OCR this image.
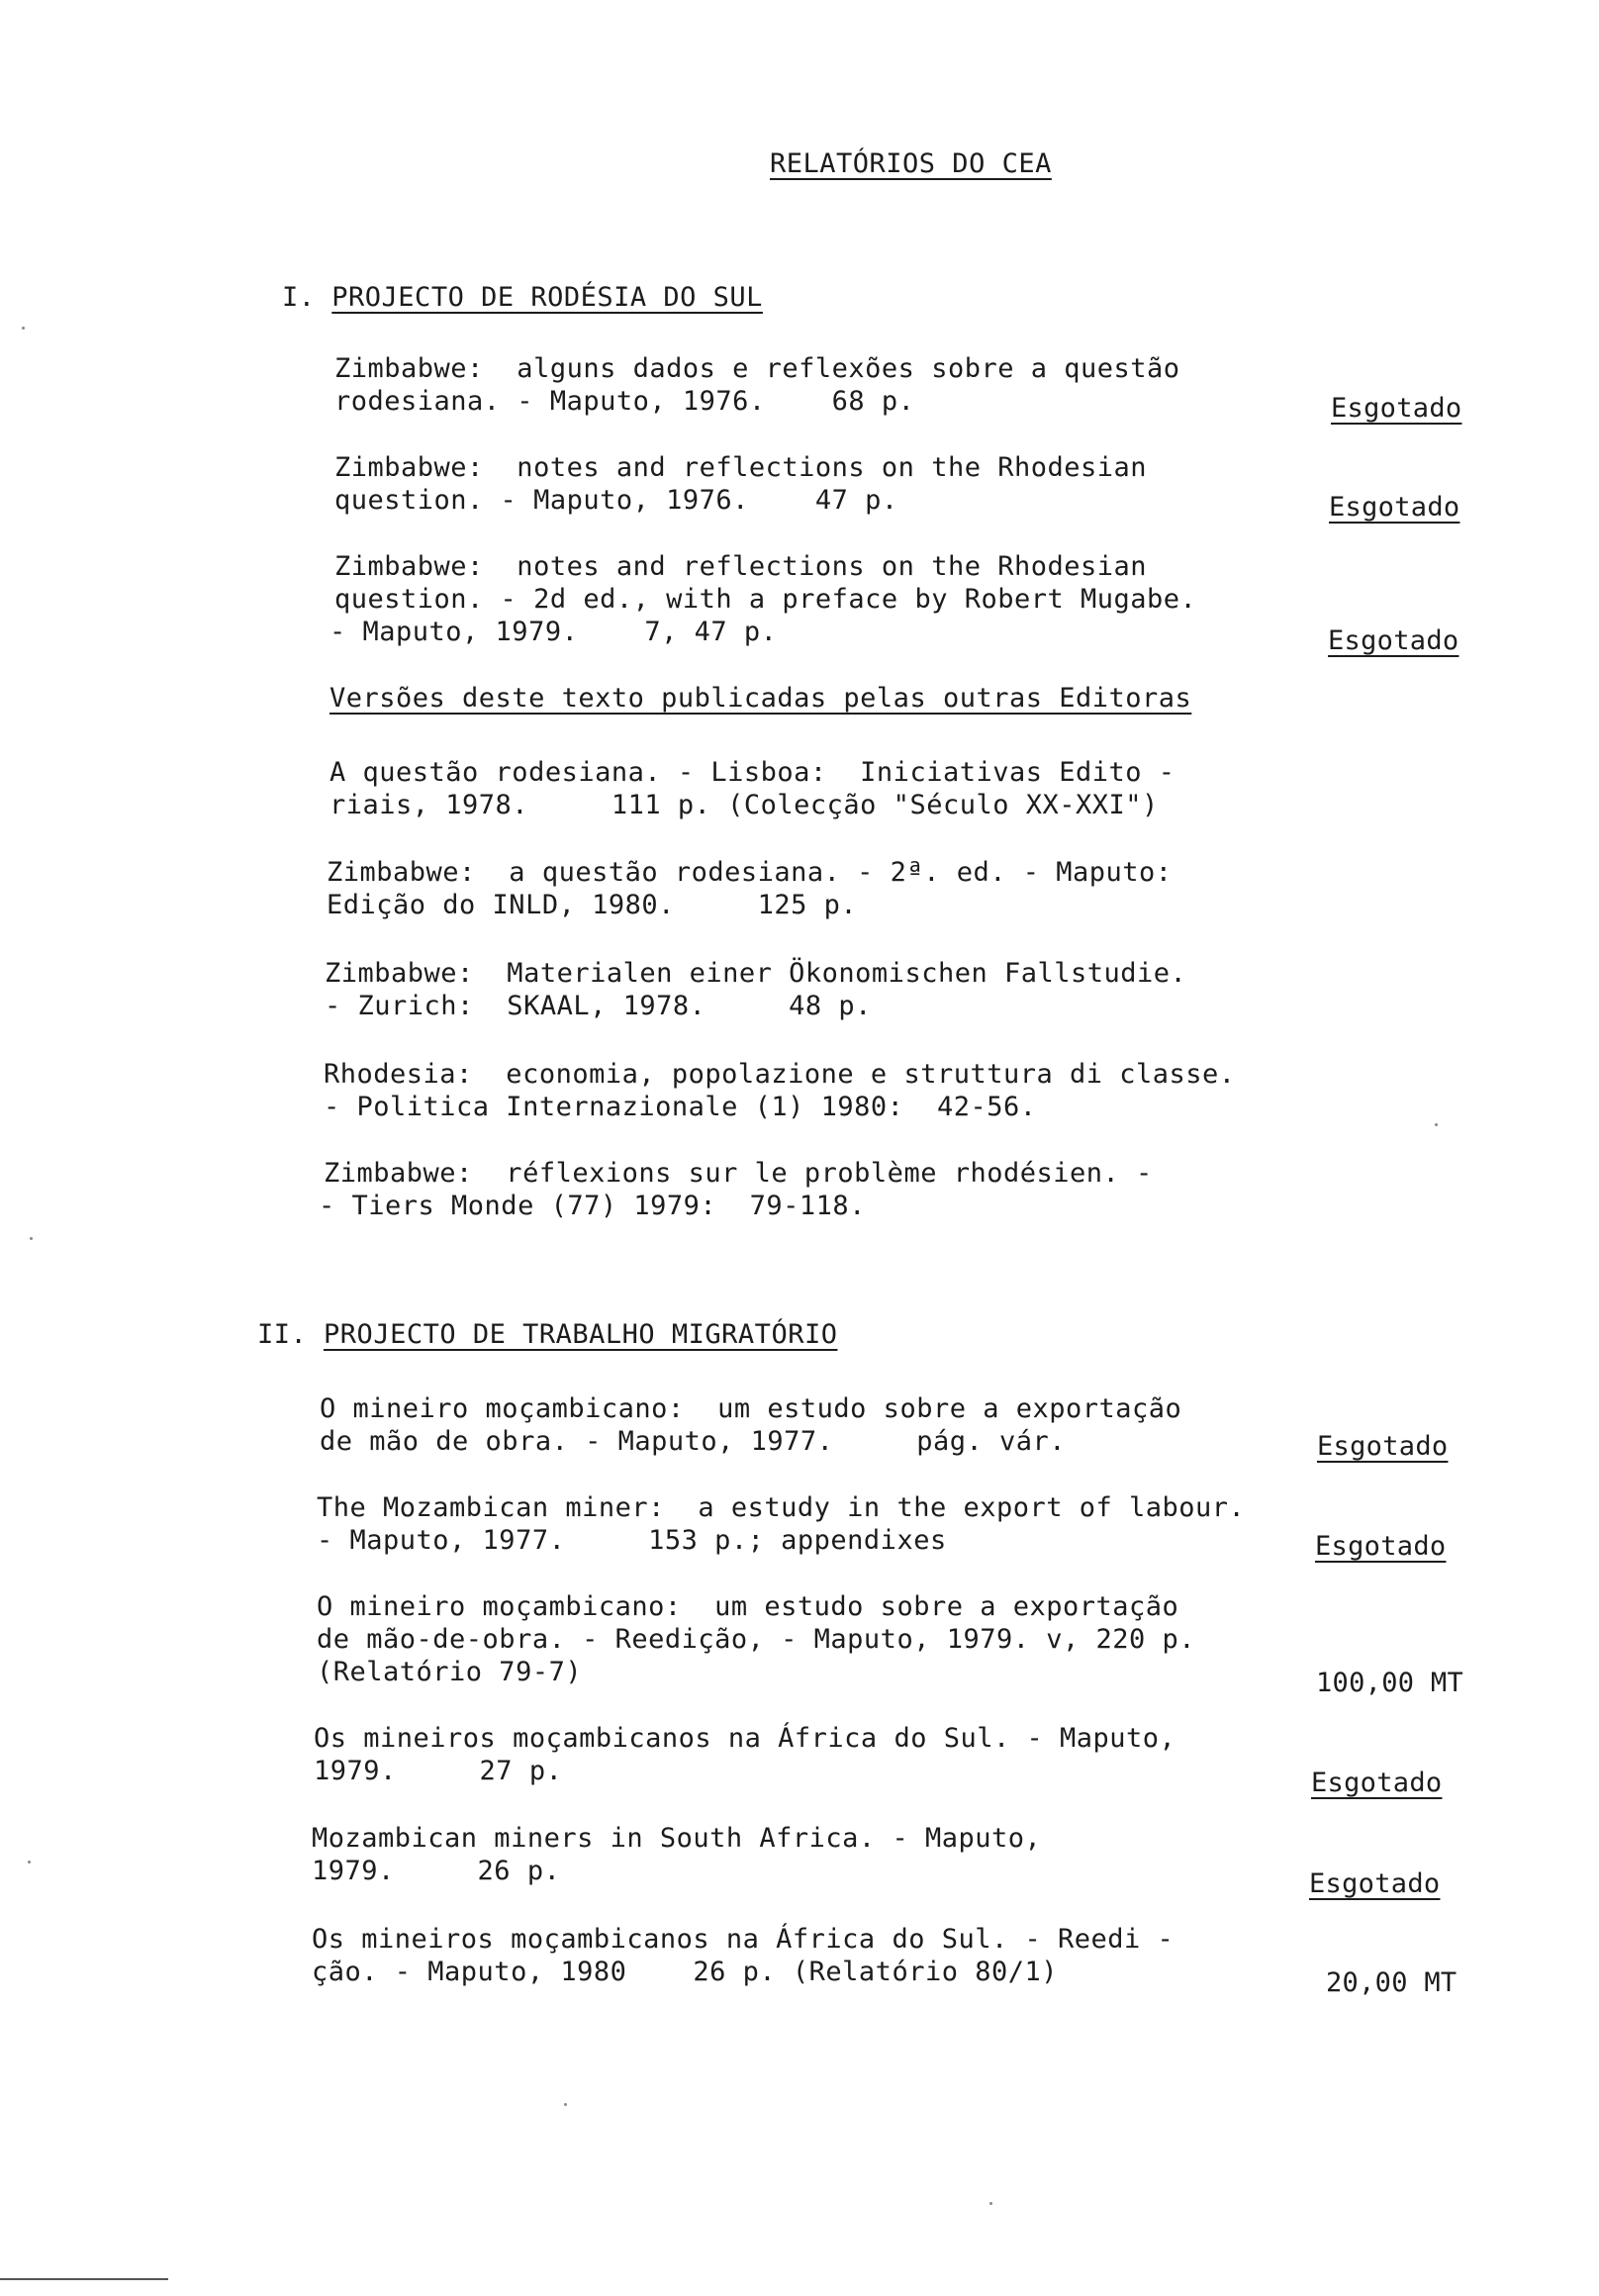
RELATÓRIOS DO CEA
I. PROJECTO DE RODÉSIA DO SUL
Zimbabwe:  alguns dados e reflexões sobre a questão
rodesiana. - Maputo, 1976.    68 p.	Esgotado
Zimbabwe:  notes and reflections on the Rhodesian
question. - Maputo, 1976.    47 p.	Esgotado
Zimbabwe:  notes and reflections on the Rhodesian
question. - 2d ed., with a preface by Robert Mugabe.
- Maputo, 1979.    7, 47 p.	Esgotado
Versões deste texto publicadas pelas outras Editoras
A questão rodesiana. - Lisboa:  Iniciativas Edito -
riais, 1978.     111 p. (Colecção "Século XX-XXI")
Zimbabwe:  a questão rodesiana. - 2ª. ed. - Maputo:
Edição do INLD, 1980.     125 p.
Zimbabwe:  Materialen einer Ökonomischen Fallstudie.
- Zurich:  SKAAL, 1978.     48 p.
Rhodesia:  economia, popolazione e struttura di classe.
- Politica Internazionale (1) 1980:  42-56.
Zimbabwe:  réflexions sur le problème rhodésien. -
- Tiers Monde (77) 1979:  79-118.
II. PROJECTO DE TRABALHO MIGRATÓRIO
O mineiro moçambicano:  um estudo sobre a exportação
de mão de obra. - Maputo, 1977.     pág. vár.	Esgotado
The Mozambican miner:  a estudy in the export of labour.
- Maputo, 1977.     153 p.; appendixes	Esgotado
O mineiro moçambicano:  um estudo sobre a exportação
de mão-de-obra. - Reedição, - Maputo, 1979. v, 220 p.
(Relatório 79-7)	100,00 MT
Os mineiros moçambicanos na África do Sul. - Maputo,
1979.     27 p.	Esgotado
Mozambican miners in South Africa. - Maputo,
1979.     26 p.	Esgotado
Os mineiros moçambicanos na África do Sul. - Reedi -
ção. - Maputo, 1980    26 p. (Relatório 80/1)	20,00 MT
